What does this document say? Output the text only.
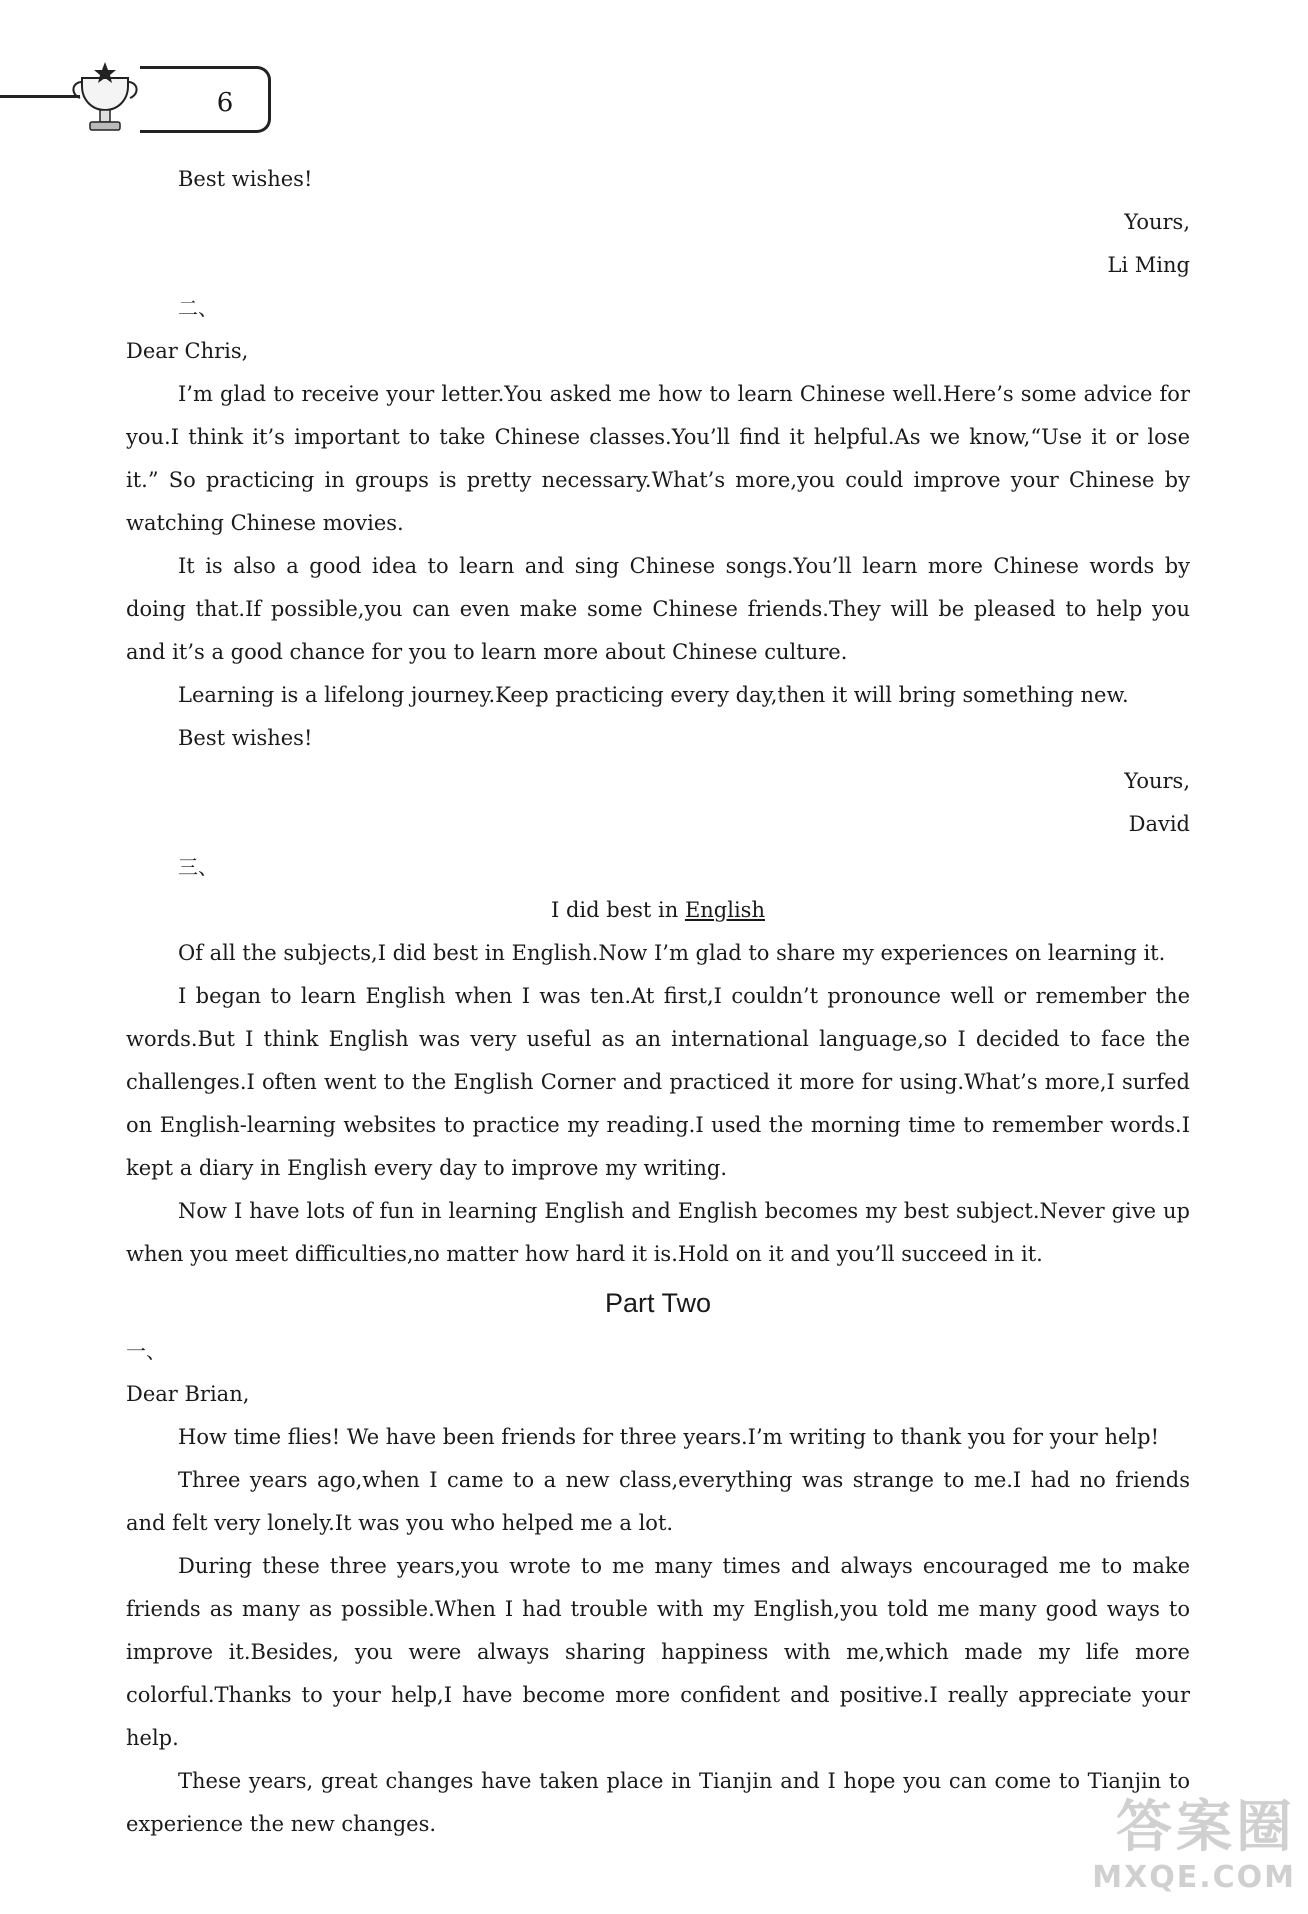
6

Best wishes!

Yours,

Li Ming

二、

Dear Chris,

I’m glad to receive your letter.You asked me how to learn Chinese well.Here’s some advice for you.I think it’s important to take Chinese classes.You’ll find it helpful.As we know,“Use it or lose it.” So practicing in groups is pretty necessary.What’s more,you could improve your Chinese by watching Chinese movies.

It is also a good idea to learn and sing Chinese songs.You’ll learn more Chinese words by doing that.If possible,you can even make some Chinese friends.They will be pleased to help you and it’s a good chance for you to learn more about Chinese culture.

Learning is a lifelong journey.Keep practicing every day,then it will bring something new.

Best wishes!

Yours,

David

三、

I did best in English

Of all the subjects,I did best in English.Now I’m glad to share my experiences on learning it.

I began to learn English when I was ten.At first,I couldn’t pronounce well or remember the words.But I think English was very useful as an international language,so I decided to face the challenges.I often went to the English Corner and practiced it more for using.What’s more,I surfed on English-learning websites to practice my reading.I used the morning time to remember words.I kept a diary in English every day to improve my writing.

Now I have lots of fun in learning English and English becomes my best subject.Never give up when you meet difficulties,no matter how hard it is.Hold on it and you’ll succeed in it.

Part Two

一、

Dear Brian,

How time flies! We have been friends for three years.I’m writing to thank you for your help!

Three years ago,when I came to a new class,everything was strange to me.I had no friends and felt very lonely.It was you who helped me a lot.

During these three years,you wrote to me many times and always encouraged me to make friends as many as possible.When I had trouble with my English,you told me many good ways to improve it.Besides, you were always sharing happiness with me,which made my life more colorful.Thanks to your help,I have become more confident and positive.I really appreciate your help.

These years, great changes have taken place in Tianjin and I hope you can come to Tianjin to experience the new changes.	答案圈
MXQE.COM
